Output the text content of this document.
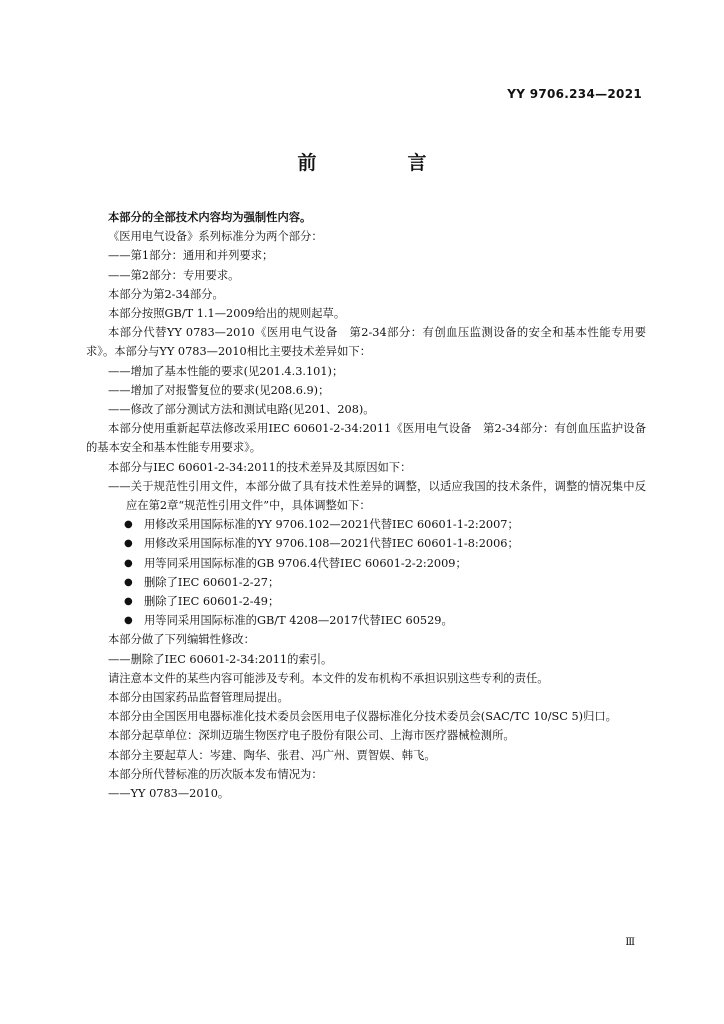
YY 9706.234—2021
前　言

本部分的全部技术内容均为强制性内容。

《医用电气设备》系列标准分为两个部分：

——第1部分：通用和并列要求；

——第2部分：专用要求。

本部分为第2-34部分。

本部分按照GB/T 1.1—2009给出的规则起草。

本部分代替YY 0783—2010《医用电气设备　第2-34部分：有创血压监测设备的安全和基本性能专用要求》。本部分与YY 0783—2010相比主要技术差异如下：

——增加了基本性能的要求(见201.4.3.101)；

——增加了对报警复位的要求(见208.6.9)；

——修改了部分测试方法和测试电路(见201、208)。

本部分使用重新起草法修改采用IEC 60601-2-34:2011《医用电气设备　第2-34部分：有创血压监护设备的基本安全和基本性能专用要求》。

本部分与IEC 60601-2-34:2011的技术差异及其原因如下：

——关于规范性引用文件，本部分做了具有技术性差异的调整，以适应我国的技术条件，调整的情况集中反应在第2章“规范性引用文件”中，具体调整如下：

● 用修改采用国际标准的YY 9706.102—2021代替IEC 60601-1-2:2007；
● 用修改采用国际标准的YY 9706.108—2021代替IEC 60601-1-8:2006；
● 用等同采用国际标准的GB 9706.4代替IEC 60601-2-2:2009；
● 删除了IEC 60601-2-27；
● 删除了IEC 60601-2-49；
● 用等同采用国际标准的GB/T 4208—2017代替IEC 60529。

本部分做了下列编辑性修改：

——删除了IEC 60601-2-34:2011的索引。

请注意本文件的某些内容可能涉及专利。本文件的发布机构不承担识别这些专利的责任。

本部分由国家药品监督管理局提出。

本部分由全国医用电器标准化技术委员会医用电子仪器标准化分技术委员会(SAC/TC 10/SC 5)归口。

本部分起草单位：深圳迈瑞生物医疗电子股份有限公司、上海市医疗器械检测所。

本部分主要起草人：岑建、陶华、张君、冯广州、贾智娱、韩飞。

本部分所代替标准的历次版本发布情况为：

——YY 0783—2010。

Ⅲ
